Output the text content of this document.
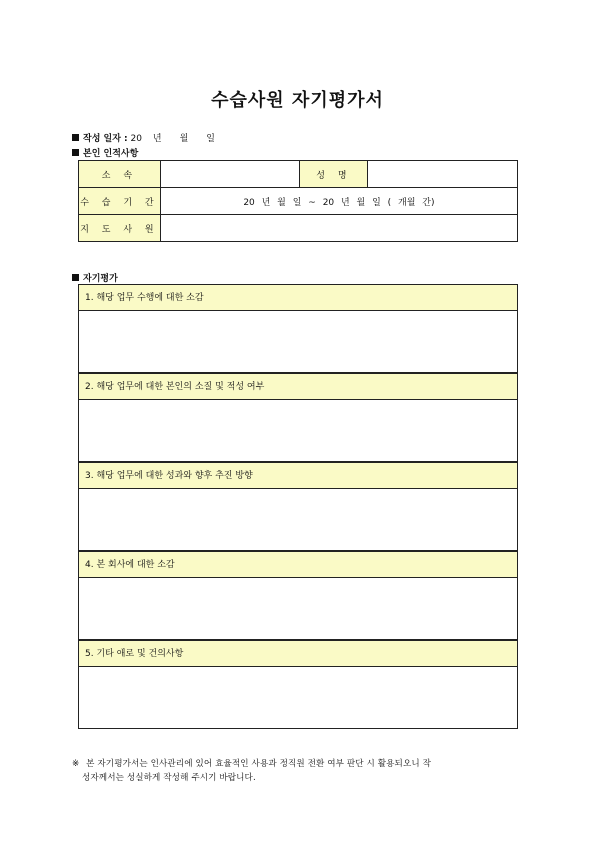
수습사원 자기평가서
작성 일자 : 20 년 월 일
본인 인적사항
소 속		성 명	
수 습 기 간	20 년 월 일 ~ 20 년 월 일 ( 개월 간)		
지 도 사 원			
자기평가
1. 해당 업무 수행에 대한 소감
2. 해당 업무에 대한 본인의 소질 및 적성 여부
3. 해당 업무에 대한 성과와 향후 추진 방향
4. 본 회사에 대한 소감
5. 기타 애로 및 건의사항
※ 본 자기평가서는 인사관리에 있어 효율적인 사용과 정직원 전환 여부 판단 시 활용되오니 작
성자께서는 성실하게 작성해 주시기 바랍니다.
